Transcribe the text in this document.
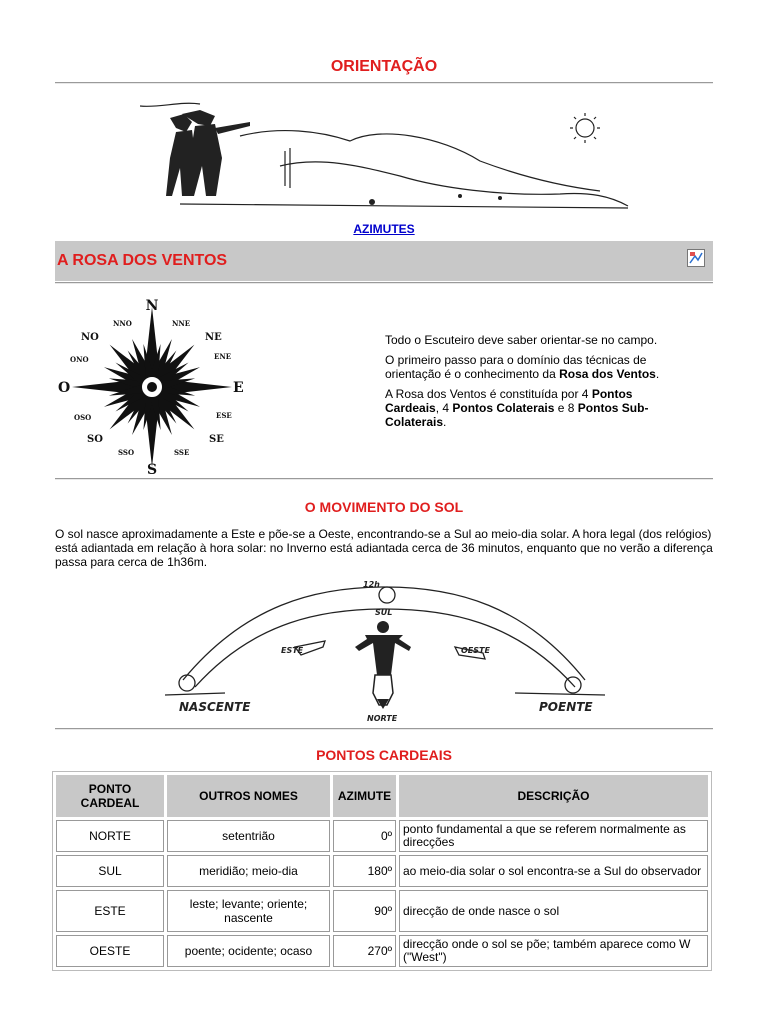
ORIENTAÇÃO
AZIMUTES
A ROSA DOS VENTOS
N
S
O	E
NO	NE
SO	SE
NNO	NNE
ONO	ENE
OSO	ESE
SSO	SSE
Todo o Escuteiro deve saber orientar-se no campo.
O primeiro passo para o domínio das técnicas de orientação é o conhecimento da Rosa dos Ventos.
A Rosa dos Ventos é constituída por 4 Pontos Cardeais, 4 Pontos Colaterais e 8 Pontos Sub-Colaterais.
O MOVIMENTO DO SOL
O sol nasce aproximadamente a Este e põe-se a Oeste, encontrando-se a Sul ao meio-dia solar. A hora legal (dos relógios) está adiantada em relação à hora solar: no Inverno está adiantada cerca de 36 minutos, enquanto que no verão a diferença passa para cerca de 1h36m.
12h
SUL
ESTE	OESTE
NASCENTE	POENTE
NORTE
PONTOS CARDEAIS
PONTO CARDEAL	OUTROS NOMES	AZIMUTE	DESCRIÇÃO
NORTE	setentrião	0º	ponto fundamental a que se referem normalmente as direcções
SUL	meridião; meio-dia	180º	ao meio-dia solar o sol encontra-se a Sul do observador
ESTE	leste; levante; oriente; nascente	90º	direcção de onde nasce o sol
OESTE	poente; ocidente; ocaso	270º	direcção onde o sol se põe; também aparece como W ("West")
